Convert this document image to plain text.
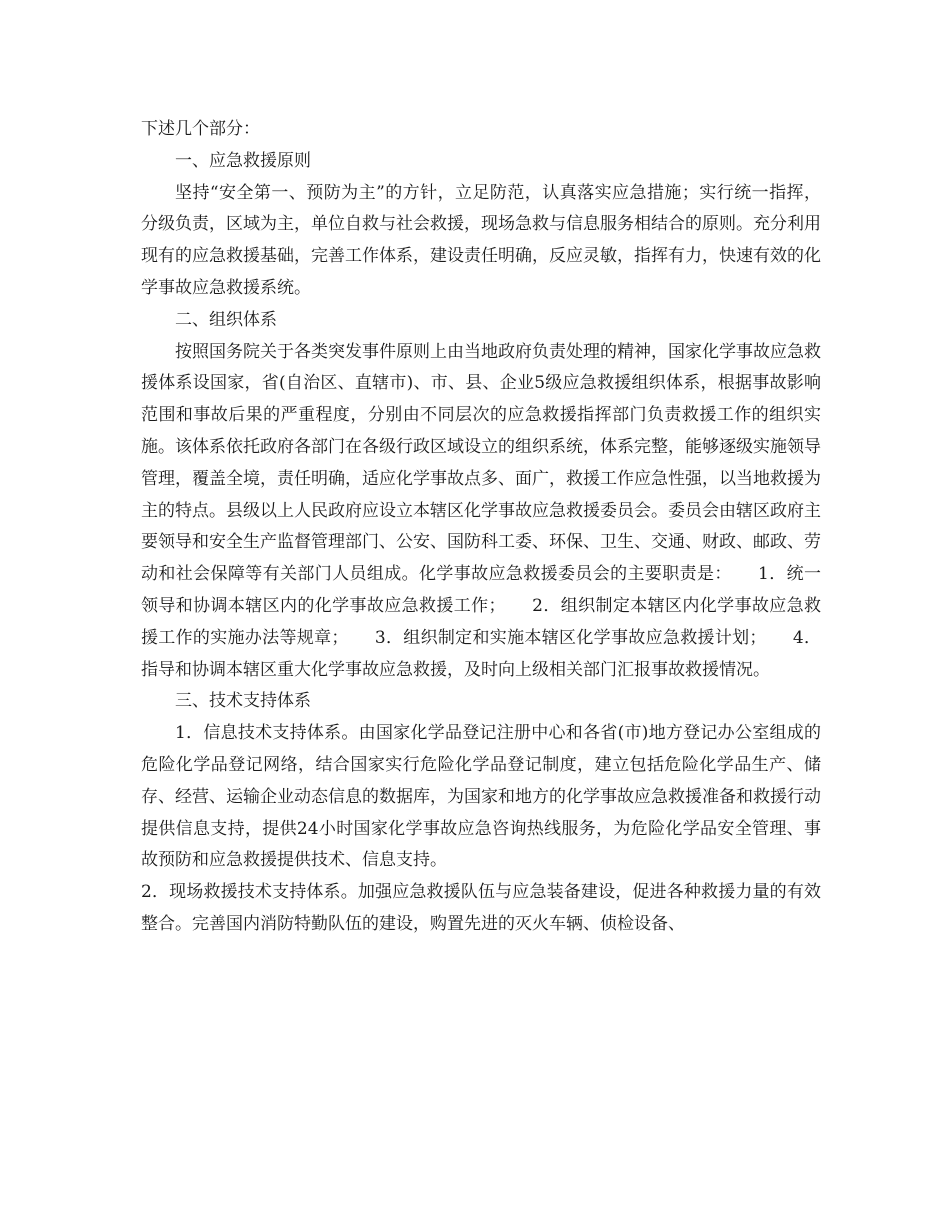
下述几个部分：

一、应急救援原则

坚持“安全第一、预防为主”的方针，立足防范，认真落实应急措施；实行统一指挥，分级负责，区域为主，单位自救与社会救援，现场急救与信息服务相结合的原则。充分利用现有的应急救援基础，完善工作体系，建设责任明确，反应灵敏，指挥有力，快速有效的化学事故应急救援系统。

二、组织体系

按照国务院关于各类突发事件原则上由当地政府负责处理的精神，国家化学事故应急救援体系设国家，省(自治区、直辖市)、市、县、企业5级应急救援组织体系，根据事故影响范围和事故后果的严重程度，分别由不同层次的应急救援指挥部门负责救援工作的组织实施。该体系依托政府各部门在各级行政区域设立的组织系统，体系完整，能够逐级实施领导管理，覆盖全境，责任明确，适应化学事故点多、面广，救援工作应急性强，以当地救援为主的特点。县级以上人民政府应设立本辖区化学事故应急救援委员会。委员会由辖区政府主要领导和安全生产监督管理部门、公安、国防科工委、环保、卫生、交通、财政、邮政、劳动和社会保障等有关部门人员组成。化学事故应急救援委员会的主要职责是：　　1．统一领导和协调本辖区内的化学事故应急救援工作；　　2．组织制定本辖区内化学事故应急救援工作的实施办法等规章；　　3．组织制定和实施本辖区化学事故应急救援计划；　　4．指导和协调本辖区重大化学事故应急救援，及时向上级相关部门汇报事故救援情况。

三、技术支持体系

1．信息技术支持体系。由国家化学品登记注册中心和各省(市)地方登记办公室组成的危险化学品登记网络，结合国家实行危险化学品登记制度，建立包括危险化学品生产、储存、经营、运输企业动态信息的数据库，为国家和地方的化学事故应急救援准备和救援行动提供信息支持，提供24小时国家化学事故应急咨询热线服务，为危险化学品安全管理、事故预防和应急救援提供技术、信息支持。

2．现场救援技术支持体系。加强应急救援队伍与应急装备建设，促进各种救援力量的有效整合。完善国内消防特勤队伍的建设，购置先进的灭火车辆、侦检设备、
